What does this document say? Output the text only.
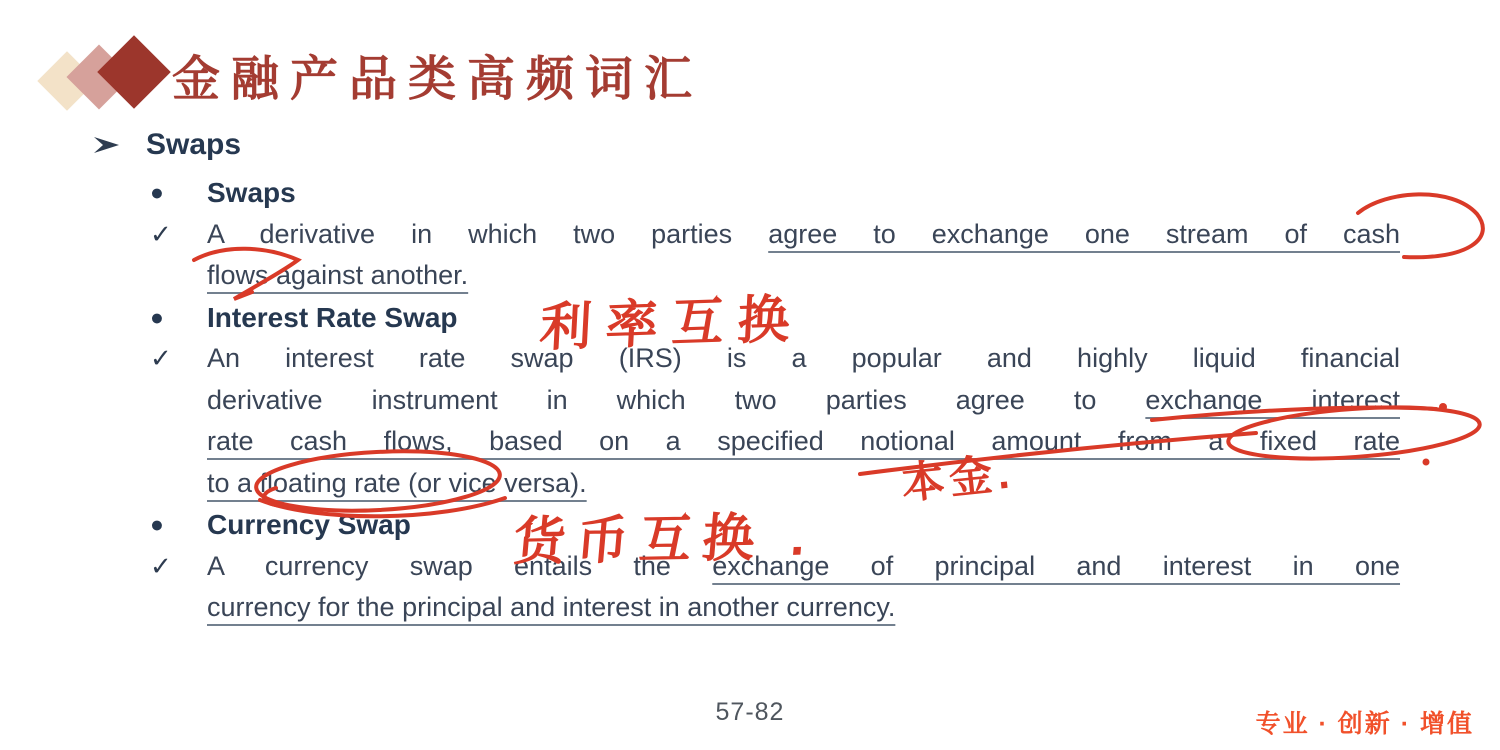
金融产品类高频词汇
Swaps
●	Swaps
✓	A derivative in which two parties agree to exchange one stream of cash
flows against another.
●	Interest Rate Swap
✓	An interest rate swap (IRS) is a popular and highly liquid financial
derivative instrument in which two parties agree to exchange interest
rate cash flows, based on a specified notional amount from a fixed rate
to a floating rate (or vice versa).
●	Currency Swap
✓	A currency swap entails the exchange of principal and interest in one
currency for the principal and interest in another currency.
利率互换
本金.
货币互换 .
57-82	专业 · 创新 · 增值
